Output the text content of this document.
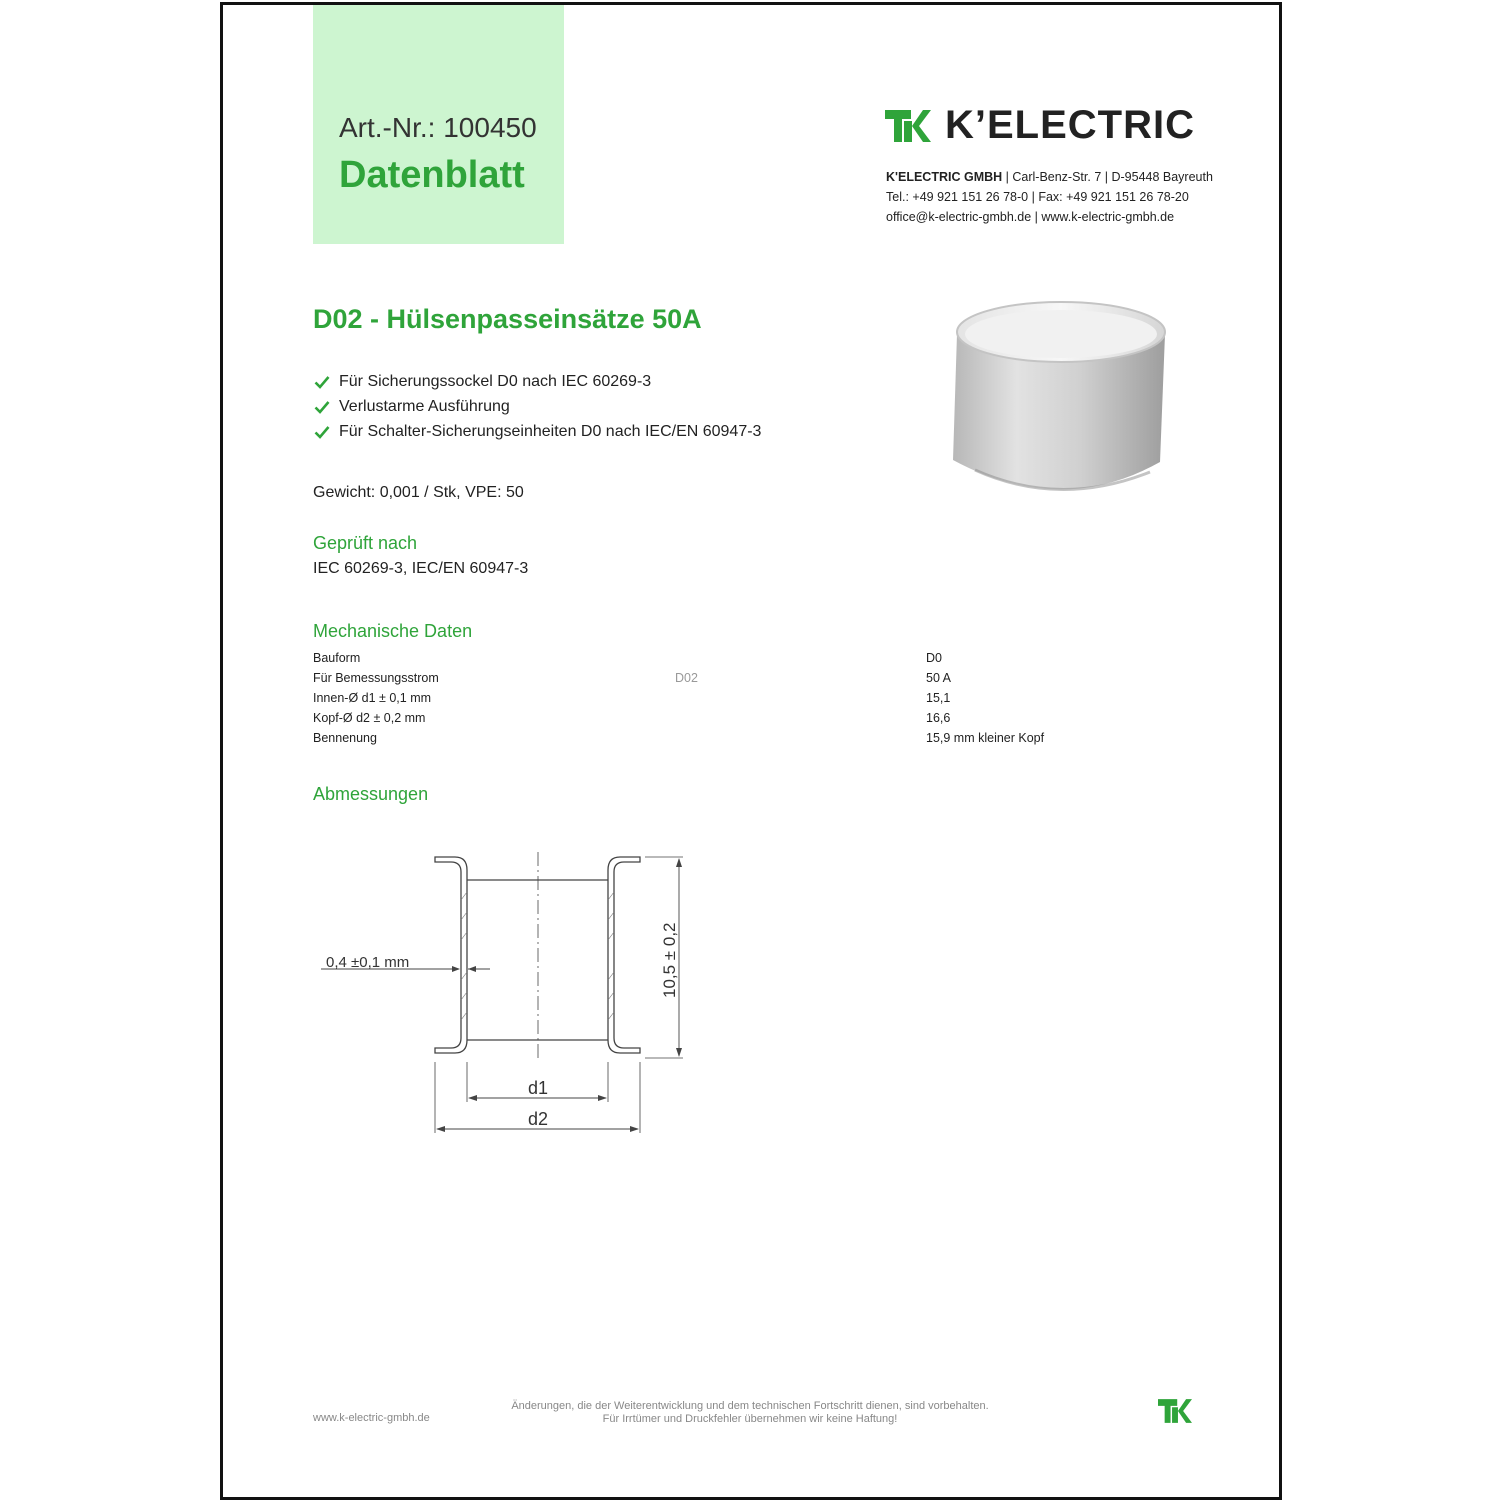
Art.-Nr.: 100450
Datenblatt
K’ELECTRIC
K'ELECTRIC GMBH | Carl-Benz-Str. 7 | D-95448 Bayreuth
Tel.: +49 921 151 26 78-0 | Fax: +49 921 151 26 78-20
office@k-electric-gmbh.de | www.k-electric-gmbh.de
D02 - Hülsenpasseinsätze 50A
Für Sicherungssockel D0 nach IEC 60269-3
Verlustarme Ausführung
Für Schalter-Sicherungseinheiten D0 nach IEC/EN 60947-3
Gewicht: 0,001 / Stk, VPE: 50
Geprüft nach
IEC 60269-3, IEC/EN 60947-3
Mechanische Daten
Bauform		D0
Für Bemessungsstrom	D02	50 A
Innen-Ø d1 ± 0,1 mm		15,1
Kopf-Ø d2 ± 0,2 mm		16,6
Bennenung		15,9 mm kleiner Kopf
Abmessungen
0,4 ±0,1 mm	10,5 ± 0,2
d1
d2
www.k-electric-gmbh.de
Änderungen, die der Weiterentwicklung und dem technischen Fortschritt dienen, sind vorbehalten.
Für Irrtümer und Druckfehler übernehmen wir keine Haftung!
